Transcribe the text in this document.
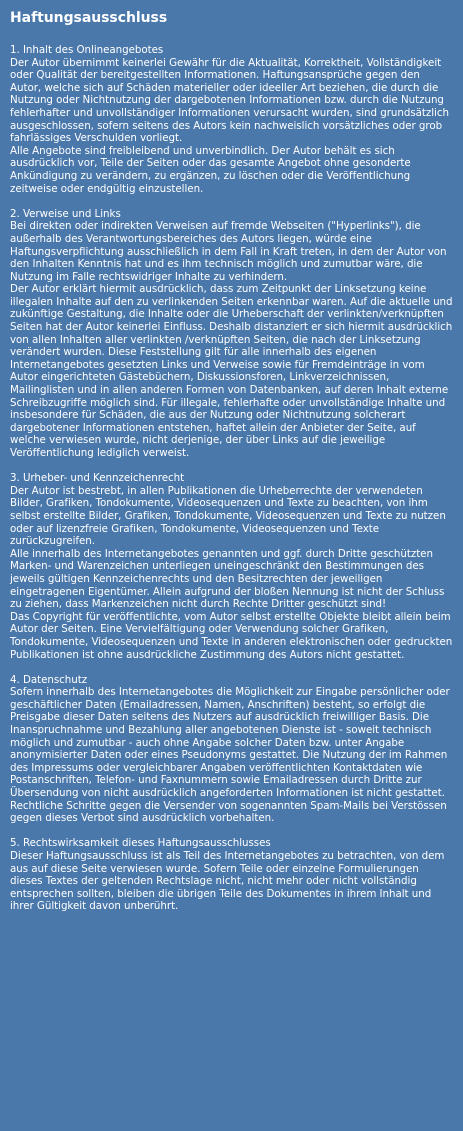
Haftungsausschluss

1. Inhalt des Onlineangebotes

Der Autor übernimmt keinerlei Gewähr für die Aktualität, Korrektheit, Vollständigkeit oder Qualität der bereitgestellten Informationen. Haftungsansprüche gegen den Autor, welche sich auf Schäden materieller oder ideeller Art beziehen, die durch die Nutzung oder Nichtnutzung der dargebotenen Informationen bzw. durch die Nutzung fehlerhafter und unvollständiger Informationen verursacht wurden, sind grundsätzlich ausgeschlossen, sofern seitens des Autors kein nachweislich vorsätzliches oder grob fahrlässiges Verschulden vorliegt.

Alle Angebote sind freibleibend und unverbindlich. Der Autor behält es sich ausdrücklich vor, Teile der Seiten oder das gesamte Angebot ohne gesonderte Ankündigung zu verändern, zu ergänzen, zu löschen oder die Veröffentlichung zeitweise oder endgültig einzustellen.

2. Verweise und Links

Bei direkten oder indirekten Verweisen auf fremde Webseiten ("Hyperlinks"), die außerhalb des Verantwortungsbereiches des Autors liegen, würde eine Haftungsverpflichtung ausschließlich in dem Fall in Kraft treten, in dem der Autor von den Inhalten Kenntnis hat und es ihm technisch möglich und zumutbar wäre, die Nutzung im Falle rechtswidriger Inhalte zu verhindern.

Der Autor erklärt hiermit ausdrücklich, dass zum Zeitpunkt der Linksetzung keine illegalen Inhalte auf den zu verlinkenden Seiten erkennbar waren. Auf die aktuelle und zukünftige Gestaltung, die Inhalte oder die Urheberschaft der verlinkten/verknüpften Seiten hat der Autor keinerlei Einfluss. Deshalb distanziert er sich hiermit ausdrücklich von allen Inhalten aller verlinkten /verknüpften Seiten, die nach der Linksetzung verändert wurden. Diese Feststellung gilt für alle innerhalb des eigenen Internetangebotes gesetzten Links und Verweise sowie für Fremdeinträge in vom Autor eingerichteten Gästebüchern, Diskussionsforen, Linkverzeichnissen, Mailinglisten und in allen anderen Formen von Datenbanken, auf deren Inhalt externe Schreibzugriffe möglich sind. Für illegale, fehlerhafte oder unvollständige Inhalte und insbesondere für Schäden, die aus der Nutzung oder Nichtnutzung solcherart dargebotener Informationen entstehen, haftet allein der Anbieter der Seite, auf welche verwiesen wurde, nicht derjenige, der über Links auf die jeweilige Veröffentlichung lediglich verweist.

3. Urheber- und Kennzeichenrecht

Der Autor ist bestrebt, in allen Publikationen die Urheberrechte der verwendeten Bilder, Grafiken, Tondokumente, Videosequenzen und Texte zu beachten, von ihm selbst erstellte Bilder, Grafiken, Tondokumente, Videosequenzen und Texte zu nutzen oder auf lizenzfreie Grafiken, Tondokumente, Videosequenzen und Texte zurückzugreifen.

Alle innerhalb des Internetangebotes genannten und ggf. durch Dritte geschützten Marken- und Warenzeichen unterliegen uneingeschränkt den Bestimmungen des jeweils gültigen Kennzeichenrechts und den Besitzrechten der jeweiligen eingetragenen Eigentümer. Allein aufgrund der bloßen Nennung ist nicht der Schluss zu ziehen, dass Markenzeichen nicht durch Rechte Dritter geschützt sind!

Das Copyright für veröffentlichte, vom Autor selbst erstellte Objekte bleibt allein beim Autor der Seiten. Eine Vervielfältigung oder Verwendung solcher Grafiken, Tondokumente, Videosequenzen und Texte in anderen elektronischen oder gedruckten Publikationen ist ohne ausdrückliche Zustimmung des Autors nicht gestattet.

4. Datenschutz

Sofern innerhalb des Internetangebotes die Möglichkeit zur Eingabe persönlicher oder geschäftlicher Daten (Emailadressen, Namen, Anschriften) besteht, so erfolgt die Preisgabe dieser Daten seitens des Nutzers auf ausdrücklich freiwilliger Basis. Die Inanspruchnahme und Bezahlung aller angebotenen Dienste ist - soweit technisch möglich und zumutbar - auch ohne Angabe solcher Daten bzw. unter Angabe anonymisierter Daten oder eines Pseudonyms gestattet. Die Nutzung der im Rahmen des Impressums oder vergleichbarer Angaben veröffentlichten Kontaktdaten wie Postanschriften, Telefon- und Faxnummern sowie Emailadressen durch Dritte zur Übersendung von nicht ausdrücklich angeforderten Informationen ist nicht gestattet. Rechtliche Schritte gegen die Versender von sogenannten Spam-Mails bei Verstössen gegen dieses Verbot sind ausdrücklich vorbehalten.

5. Rechtswirksamkeit dieses Haftungsausschlusses

Dieser Haftungsausschluss ist als Teil des Internetangebotes zu betrachten, von dem aus auf diese Seite verwiesen wurde. Sofern Teile oder einzelne Formulierungen dieses Textes der geltenden Rechtslage nicht, nicht mehr oder nicht vollständig entsprechen sollten, bleiben die übrigen Teile des Dokumentes in ihrem Inhalt und ihrer Gültigkeit davon unberührt.
